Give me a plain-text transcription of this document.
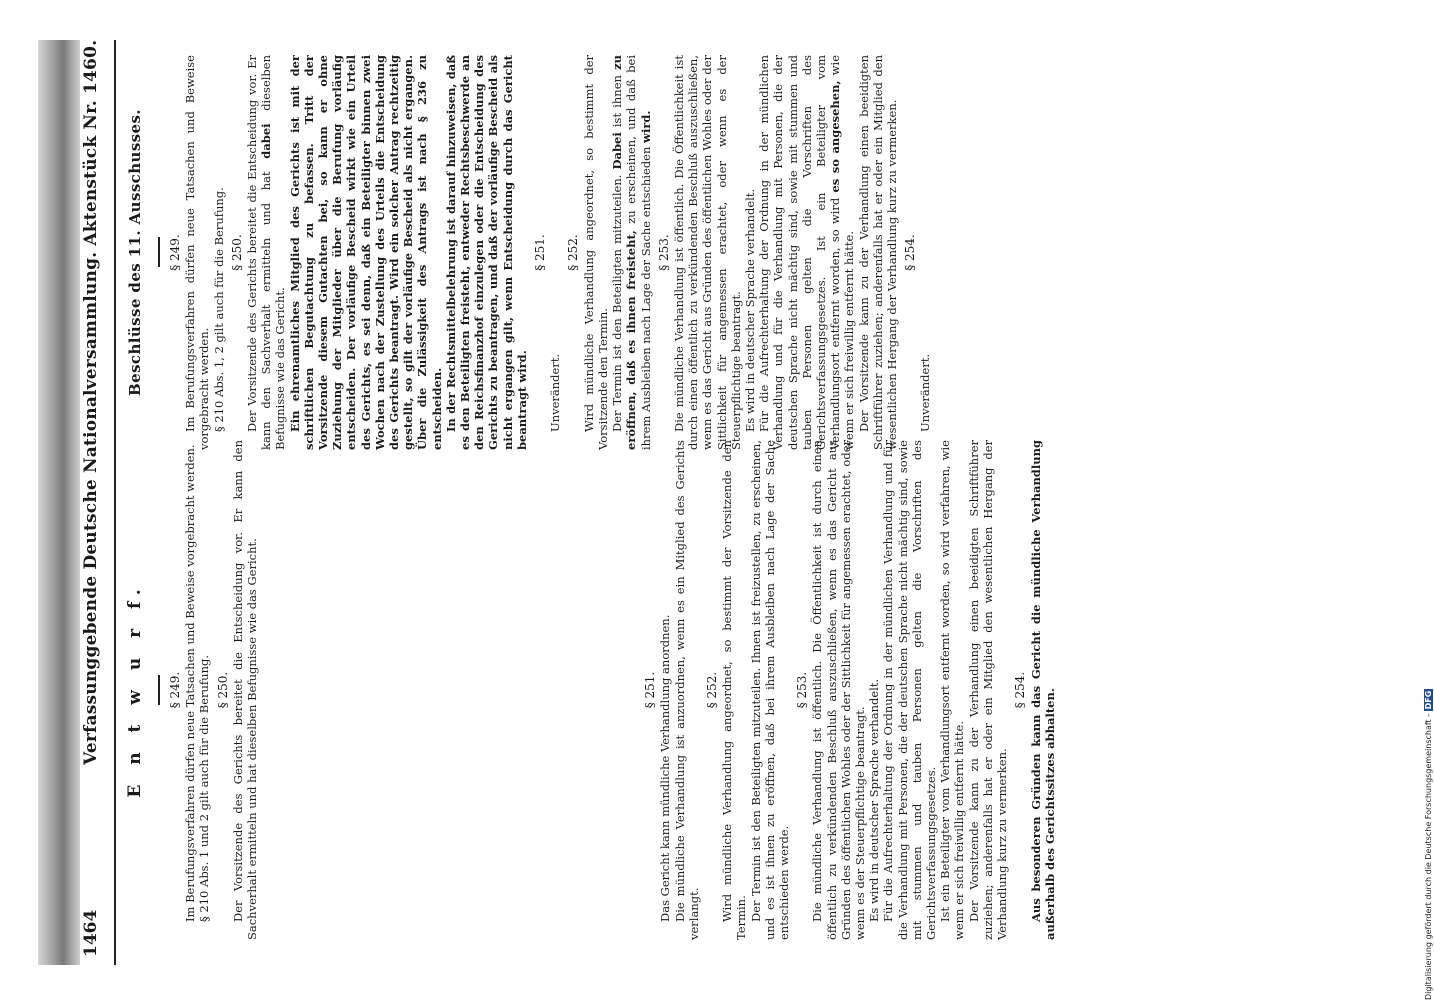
1464
Verfassunggebende Deutsche Nationalversammlung. Aktenstück Nr. 1460. E n t w u r f.	§ 249. Im Berufungsverfahren dürfen neue Tatsachen und Beweise vorgebracht werden. § 210 Abs. 1 und 2 gilt auch für die Berufung. § 250. Der Vorsitzende des Gerichts bereitet die Entscheidung vor. Er kann den Sachverhalt ermitteln und hat dieselben Befugnisse wie das Gericht.	§ 251. Das Gericht kann mündliche Verhandlung anordnen. Die mündliche Verhandlung ist anzuordnen, wenn es ein Mitglied des Gerichts verlangt.

§ 252. Wird mündliche Verhandlung angeordnet, so bestimmt der Vorsitzende den Termin. Der Termin ist den Beteiligten mitzuteilen. Ihnen ist freizustellen, zu erscheinen, und es ist ihnen zu eröffnen, daß bei ihrem Ausbleiben nach Lage der Sache entschieden werde.

§ 253. Die mündliche Verhandlung ist öffentlich. Die Öffentlichkeit ist durch einen öffentlich zu verkündenden Beschluß auszuschließen, wenn es das Gericht aus Gründen des öffentlichen Wohles oder der Sittlichkeit für angemessen erachtet, oder wenn es der Steuerpflichtige beantragt. Es wird in deutscher Sprache verhandelt. Für die Aufrechterhaltung der Ordnung in der mündlichen Verhandlung und für die Verhandlung mit Personen, die der deutschen Sprache nicht mächtig sind, sowie mit stummen und tauben Personen gelten die Vorschriften des Gerichtsverfassungsgesetzes. Ist ein Beteiligter vom Verhandlungsort entfernt worden, so wird verfahren, wie wenn er sich freiwillig entfernt hätte. Der Vorsitzende kann zu der Verhandlung einen beeidigten Schriftführer zuziehen; anderenfalls hat er oder ein Mitglied den wesentlichen Hergang der Verhandlung kurz zu vermerken.

§ 254. Aus besonderen Gründen kann das Gericht die mündliche Verhandlung außerhalb des Gerichtssitzes abhalten.

Beschlüsse des 11. Ausschusses.	§ 249. Im Berufungsverfahren dürfen neue Tatsachen und Beweise vorgebracht werden. § 210 Abs. 1, 2 gilt auch für die Berufung. § 250. Der Vorsitzende des Gerichts bereitet die Entscheidung vor. Er kann den Sachverhalt ermitteln und hat dabei dieselben Befugnisse wie das Gericht. Ein ehrenamtliches Mitglied des Gerichts ist mit der schriftlichen Begutachtung zu befassen. Tritt der Vorsitzende diesem Gutachten bei, so kann er ohne Zuziehung der Mitglieder über die Berufung vorläufig entscheiden. Der vorläufige Bescheid wirkt wie ein Urteil des Gerichts, es sei denn, daß ein Beteiligter binnen zwei Wochen nach der Zustellung des Urteils die Entscheidung des Gerichts beantragt. Wird ein solcher Antrag rechtzeitig gestellt, so gilt der vorläufige Bescheid als nicht ergangen. Über die Zulässigkeit des Antrags ist nach § 236 zu entscheiden. In der Rechtsmittelbelehrung ist darauf hinzuweisen, daß es den Beteiligten freisteht, entweder Rechtsbeschwerde an den Reichsfinanzhof einzulegen oder die Entscheidung des Gerichts zu beantragen, und daß der vorläufige Bescheid als nicht ergangen gilt, wenn Entscheidung durch das Gericht beantragt wird.

§ 251.

Unverändert.

§ 252. Wird mündliche Verhandlung angeordnet, so bestimmt der Vorsitzende den Termin. Der Termin ist den Beteiligten mitzuteilen. Dabei ist ihnen zu eröffnen, daß es ihnen freisteht, zu erscheinen, und daß bei ihrem Ausbleiben nach Lage der Sache entschieden wird.

§ 253. Die mündliche Verhandlung ist öffentlich. Die Öffentlichkeit ist durch einen öffentlich zu verkündenden Beschluß auszuschließen, wenn es das Gericht aus Gründen des öffentlichen Wohles oder der Sittlichkeit für angemessen erachtet, oder wenn es der Steuerpflichtige beantragt. Es wird in deutscher Sprache verhandelt. Für die Aufrechterhaltung der Ordnung in der mündlichen Verhandlung und für die Verhandlung mit Personen, die der deutschen Sprache nicht mächtig sind, sowie mit stummen und tauben Personen gelten die Vorschriften des Gerichtsverfassungsgesetzes. Ist ein Beteiligter vom Verhandlungsort entfernt worden, so wird es so angesehen, wie wenn er sich freiwillig entfernt hätte. Der Vorsitzende kann zu der Verhandlung einen beeidigten Schriftführer zuziehen; anderenfalls hat er oder ein Mitglied den wesentlichen Hergang der Verhandlung kurz zu vermerken. § 254.

Unverändert.

Digitalisierung gefördert durch die Deutsche Forschungsgemeinschaft - DFG
